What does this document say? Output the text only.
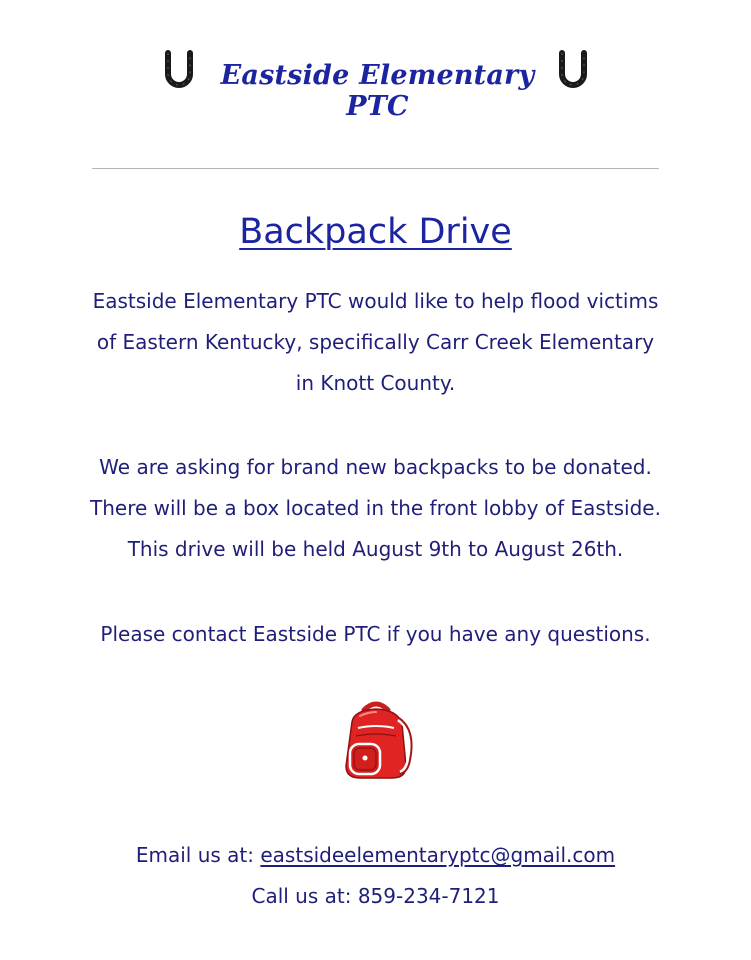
Eastside Elementary PTC
Backpack Drive

Eastside Elementary PTC would like to help flood victims
of Eastern Kentucky, specifically Carr Creek Elementary
in Knott County.

We are asking for brand new backpacks to be donated.
There will be a box located in the front lobby of Eastside.
This drive will be held August 9th to August 26th.

Please contact Eastside PTC if you have any questions.

Email us at: eastsideelementaryptc@gmail.com
Call us at: 859-234-7121
